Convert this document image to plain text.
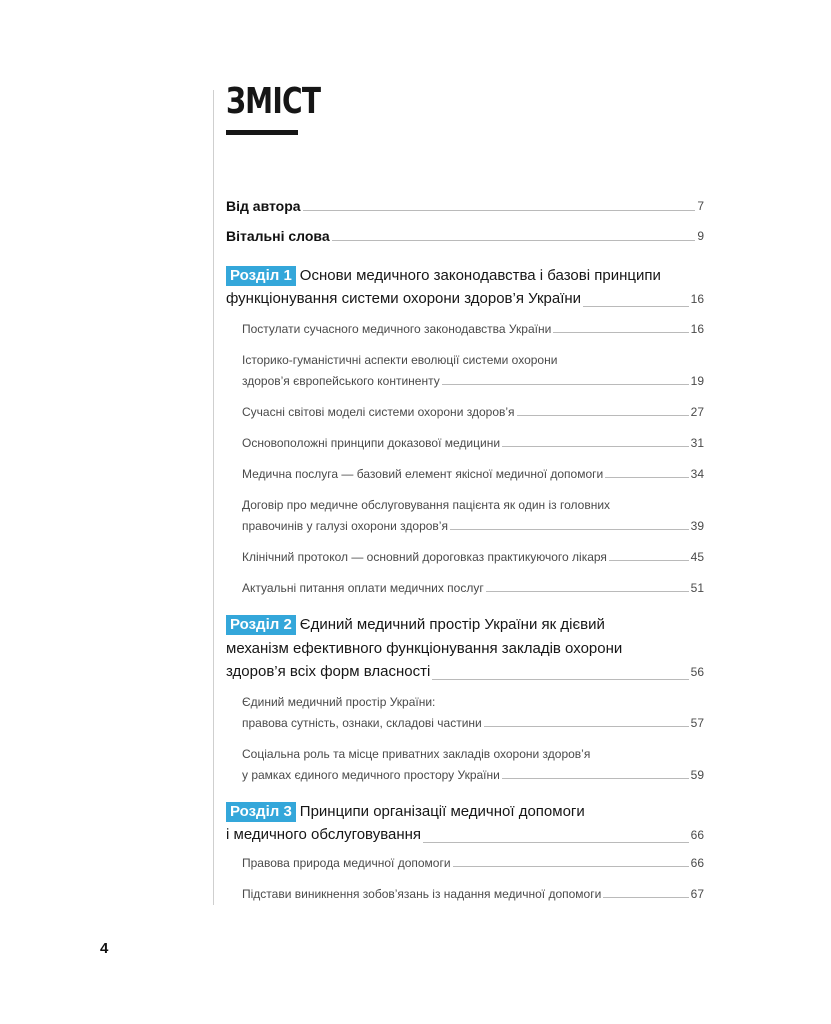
ЗМІСТ
Від автора	7
Вітальні слова	9
Розділ 1 Основи медичного законодавства і базові принципи
функціонування системи охорони здоров’я України	16
Постулати сучасного медичного законодавства України	16
Історико-гуманістичні аспекти еволюції системи охорони
здоров’я європейського континенту	19
Сучасні світові моделі системи охорони здоров’я	27
Основоположні принципи доказової медицини	31
Медична послуга — базовий елемент якісної медичної допомоги	34
Договір про медичне обслуговування пацієнта як один із головних
правочинів у галузі охорони здоров’я	39
Клінічний протокол — основний дороговказ практикуючого лікаря	45
Актуальні питання оплати медичних послуг	51
Розділ 2 Єдиний медичний простір України як дієвий
механізм ефективного функціонування закладів охорони
здоров’я всіх форм власності	56
Єдиний медичний простір України:
правова сутність, ознаки, складові частини	57
Соціальна роль та місце приватних закладів охорони здоров’я
у рамках єдиного медичного простору України	59
Розділ 3 Принципи організації медичної допомоги
і медичного обслуговування	66
Правова природа медичної допомоги	66
Підстави виникнення зобов’язань із надання медичної допомоги	67
4
